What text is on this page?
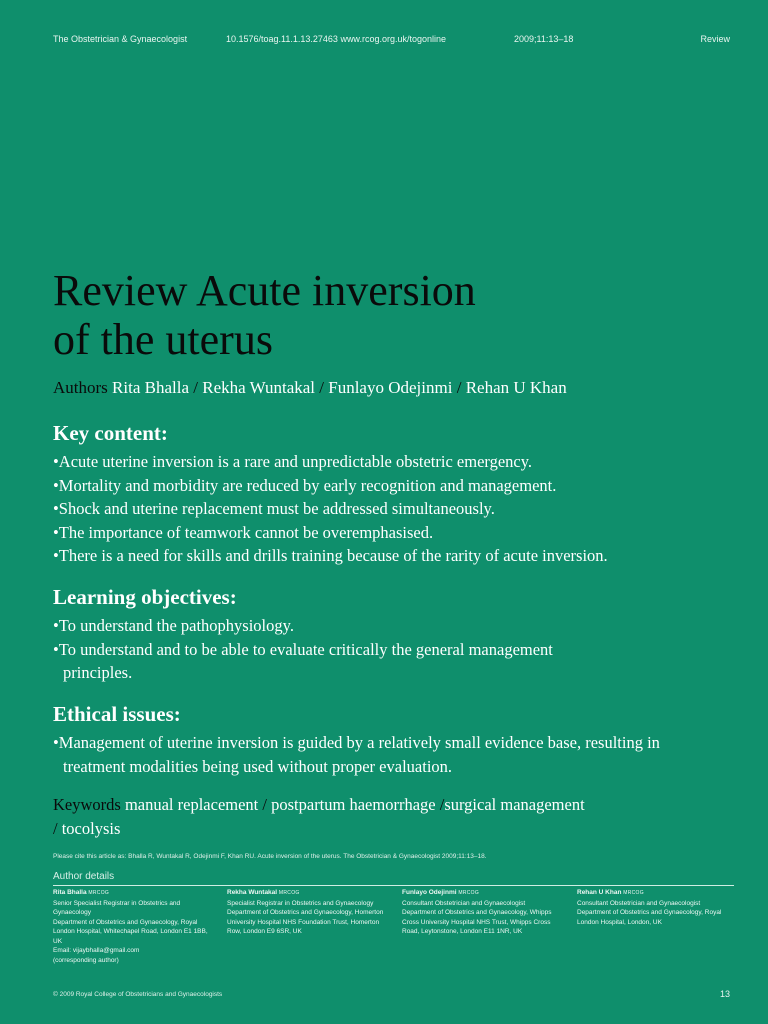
The Obstetrician & Gynaecologist	10.1576/toag.11.1.13.27463 www.rcog.org.uk/togonline	2009;11:13–18	Review
Review Acute inversion
of the uterus
Authors Rita Bhalla / Rekha Wuntakal / Funlayo Odejinmi / Rehan U Khan
Key content:
• Acute uterine inversion is a rare and unpredictable obstetric emergency.
• Mortality and morbidity are reduced by early recognition and management.
• Shock and uterine replacement must be addressed simultaneously.
• The importance of teamwork cannot be overemphasised.
• There is a need for skills and drills training because of the rarity of acute inversion.
Learning objectives:
• To understand the pathophysiology.
• To understand and to be able to evaluate critically the general management principles.
Ethical issues:
• Management of uterine inversion is guided by a relatively small evidence base, resulting in treatment modalities being used without proper evaluation.
Keywords manual replacement / postpartum haemorrhage /surgical management
/ tocolysis
Please cite this article as: Bhalla R, Wuntakal R, Odejinmi F, Khan RU. Acute inversion of the uterus. The Obstetrician & Gynaecologist 2009;11:13–18.
Author details
Rita Bhalla MRCOG
Senior Specialist Registrar in Obstetrics and Gynaecology
Department of Obstetrics and Gynaecology, Royal London Hospital, Whitechapel Road, London E1 1BB, UK
Email: vijaybhalla@gmail.com
(corresponding author)
Rekha Wuntakal MRCOG
Specialist Registrar in Obstetrics and Gynaecology
Department of Obstetrics and Gynaecology, Homerton University Hospital NHS Foundation Trust, Homerton Row, London E9 6SR, UK
Funlayo Odejinmi MRCOG
Consultant Obstetrician and Gynaecologist
Department of Obstetrics and Gynaecology, Whipps Cross University Hospital NHS Trust, Whipps Cross Road, Leytonstone, London E11 1NR, UK
Rehan U Khan MRCOG
Consultant Obstetrician and Gynaecologist
Department of Obstetrics and Gynaecology, Royal London Hospital, London, UK
© 2009 Royal College of Obstetricians and Gynaecologists	13
